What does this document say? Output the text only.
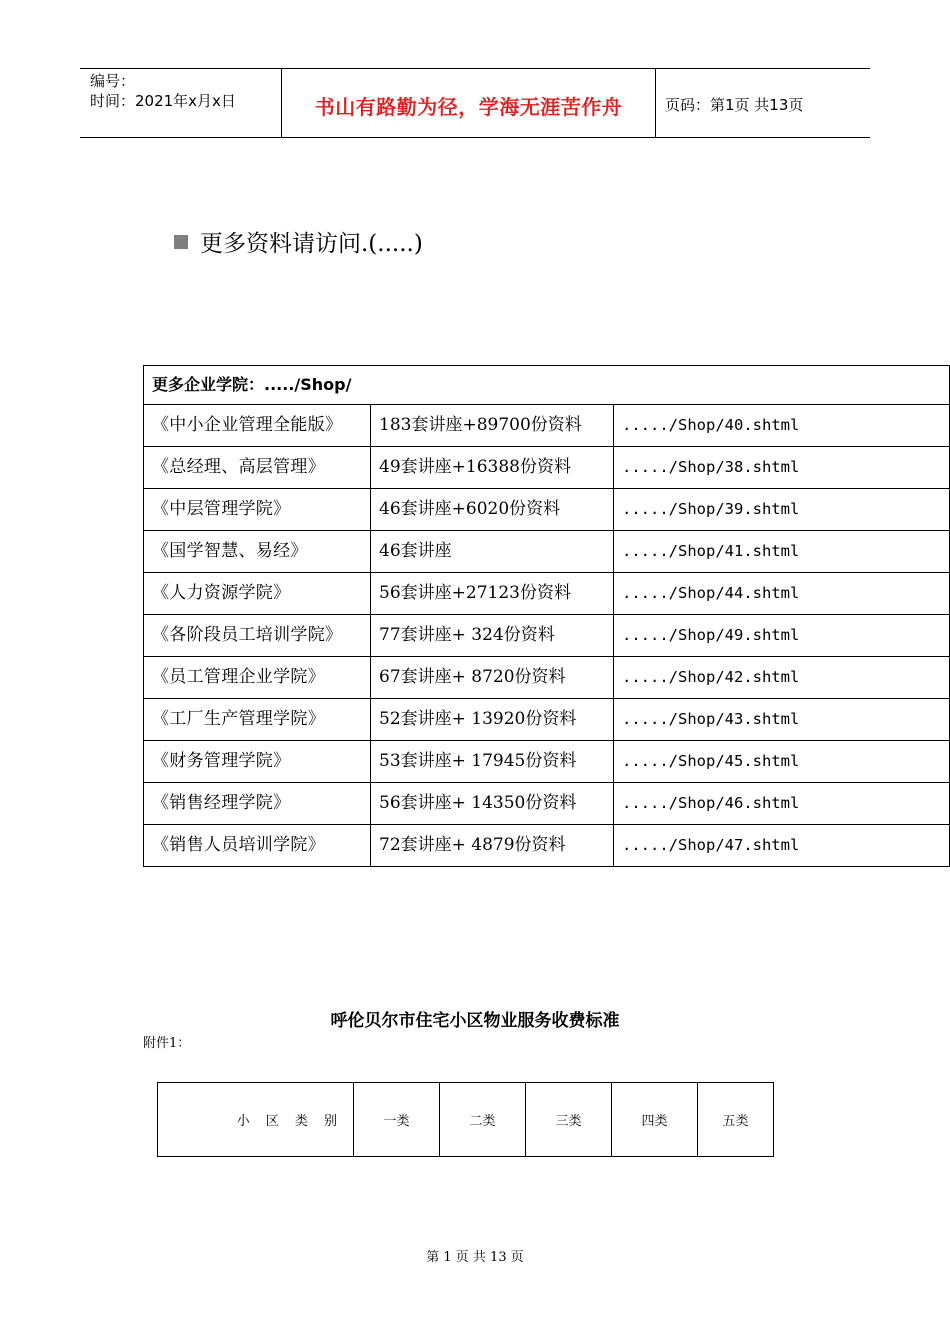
编号：
时间：2021年x月x日	书山有路勤为径，学海无涯苦作舟	页码：第1页 共13页
更多资料请访问.(.....)
更多企业学院：...../Shop/		
《中小企业管理全能版》	183套讲座+89700份资料	...../Shop/40.shtml
《总经理、高层管理》	49套讲座+16388份资料	...../Shop/38.shtml
《中层管理学院》	46套讲座+6020份资料	...../Shop/39.shtml
《国学智慧、易经》	46套讲座	...../Shop/41.shtml
《人力资源学院》	56套讲座+27123份资料	...../Shop/44.shtml
《各阶段员工培训学院》	77套讲座+ 324份资料	...../Shop/49.shtml
《员工管理企业学院》	67套讲座+ 8720份资料	...../Shop/42.shtml
《工厂生产管理学院》	52套讲座+ 13920份资料	...../Shop/43.shtml
《财务管理学院》	53套讲座+ 17945份资料	...../Shop/45.shtml
《销售经理学院》	56套讲座+ 14350份资料	...../Shop/46.shtml
《销售人员培训学院》	72套讲座+ 4879份资料	...../Shop/47.shtml
呼伦贝尔市住宅小区物业服务收费标准
附件1：
小 区 类 别	一类	二类	三类	四类	五类
第 1 页 共 13 页
